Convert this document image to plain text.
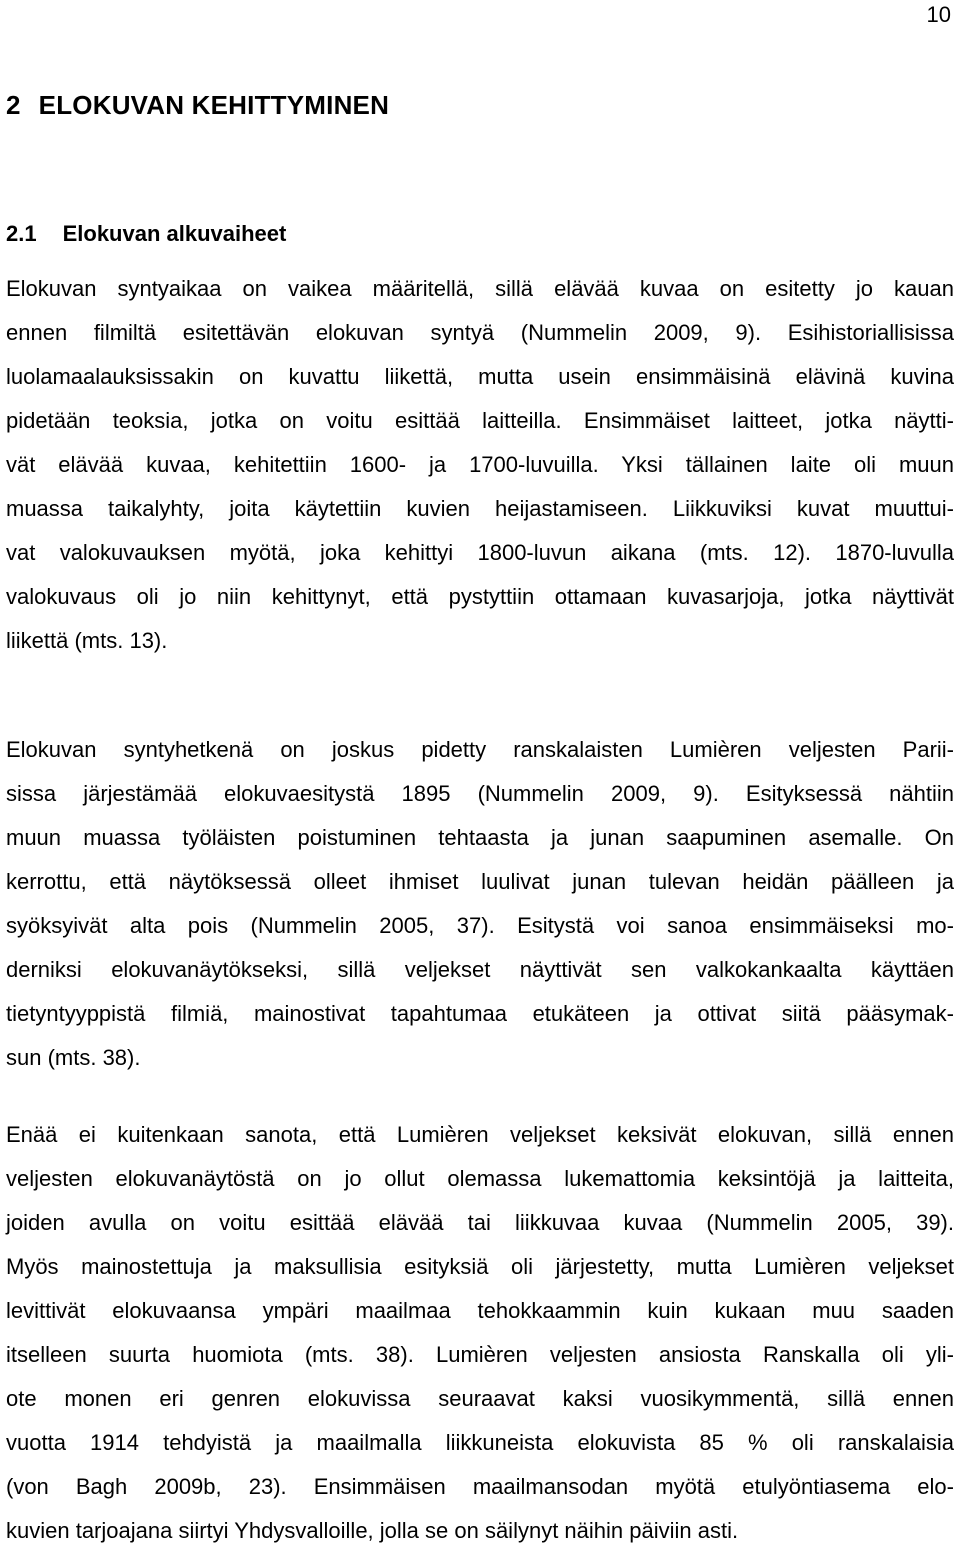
10
2 ELOKUVAN KEHITTYMINEN
2.1 Elokuvan alkuvaiheet
Elokuvan syntyaikaa on vaikea määritellä, sillä elävää kuvaa on esitetty jo kauan
ennen filmiltä esitettävän elokuvan syntyä (Nummelin 2009, 9). Esihistoriallisissa
luolamaalauksissakin on kuvattu liikettä, mutta usein ensimmäisinä elävinä kuvina
pidetään teoksia, jotka on voitu esittää laitteilla. Ensimmäiset laitteet, jotka näytti-
vät elävää kuvaa, kehitettiin 1600- ja 1700-luvuilla. Yksi tällainen laite oli muun
muassa taikalyhty, joita käytettiin kuvien heijastamiseen. Liikkuviksi kuvat muuttui-
vat valokuvauksen myötä, joka kehittyi 1800-luvun aikana (mts. 12). 1870-luvulla
valokuvaus oli jo niin kehittynyt, että pystyttiin ottamaan kuvasarjoja, jotka näyttivät
liikettä (mts. 13).
Elokuvan syntyhetkenä on joskus pidetty ranskalaisten Lumièren veljesten Parii-
sissa järjestämää elokuvaesitystä 1895 (Nummelin 2009, 9). Esityksessä nähtiin
muun muassa työläisten poistuminen tehtaasta ja junan saapuminen asemalle. On
kerrottu, että näytöksessä olleet ihmiset luulivat junan tulevan heidän päälleen ja
syöksyivät alta pois (Nummelin 2005, 37). Esitystä voi sanoa ensimmäiseksi mo-
derniksi elokuvanäytökseksi, sillä veljekset näyttivät sen valkokankaalta käyttäen
tietyntyyppistä filmiä, mainostivat tapahtumaa etukäteen ja ottivat siitä pääsymak-
sun (mts. 38).
Enää ei kuitenkaan sanota, että Lumièren veljekset keksivät elokuvan, sillä ennen
veljesten elokuvanäytöstä on jo ollut olemassa lukemattomia keksintöjä ja laitteita,
joiden avulla on voitu esittää elävää tai liikkuvaa kuvaa (Nummelin 2005, 39).
Myös mainostettuja ja maksullisia esityksiä oli järjestetty, mutta Lumièren veljekset
levittivät elokuvaansa ympäri maailmaa tehokkaammin kuin kukaan muu saaden
itselleen suurta huomiota (mts. 38). Lumièren veljesten ansiosta Ranskalla oli yli-
ote monen eri genren elokuvissa seuraavat kaksi vuosikymmentä, sillä ennen
vuotta 1914 tehdyistä ja maailmalla liikkuneista elokuvista 85 % oli ranskalaisia
(von Bagh 2009b, 23). Ensimmäisen maailmansodan myötä etulyöntiasema elo-
kuvien tarjoajana siirtyi Yhdysvalloille, jolla se on säilynyt näihin päiviin asti.
